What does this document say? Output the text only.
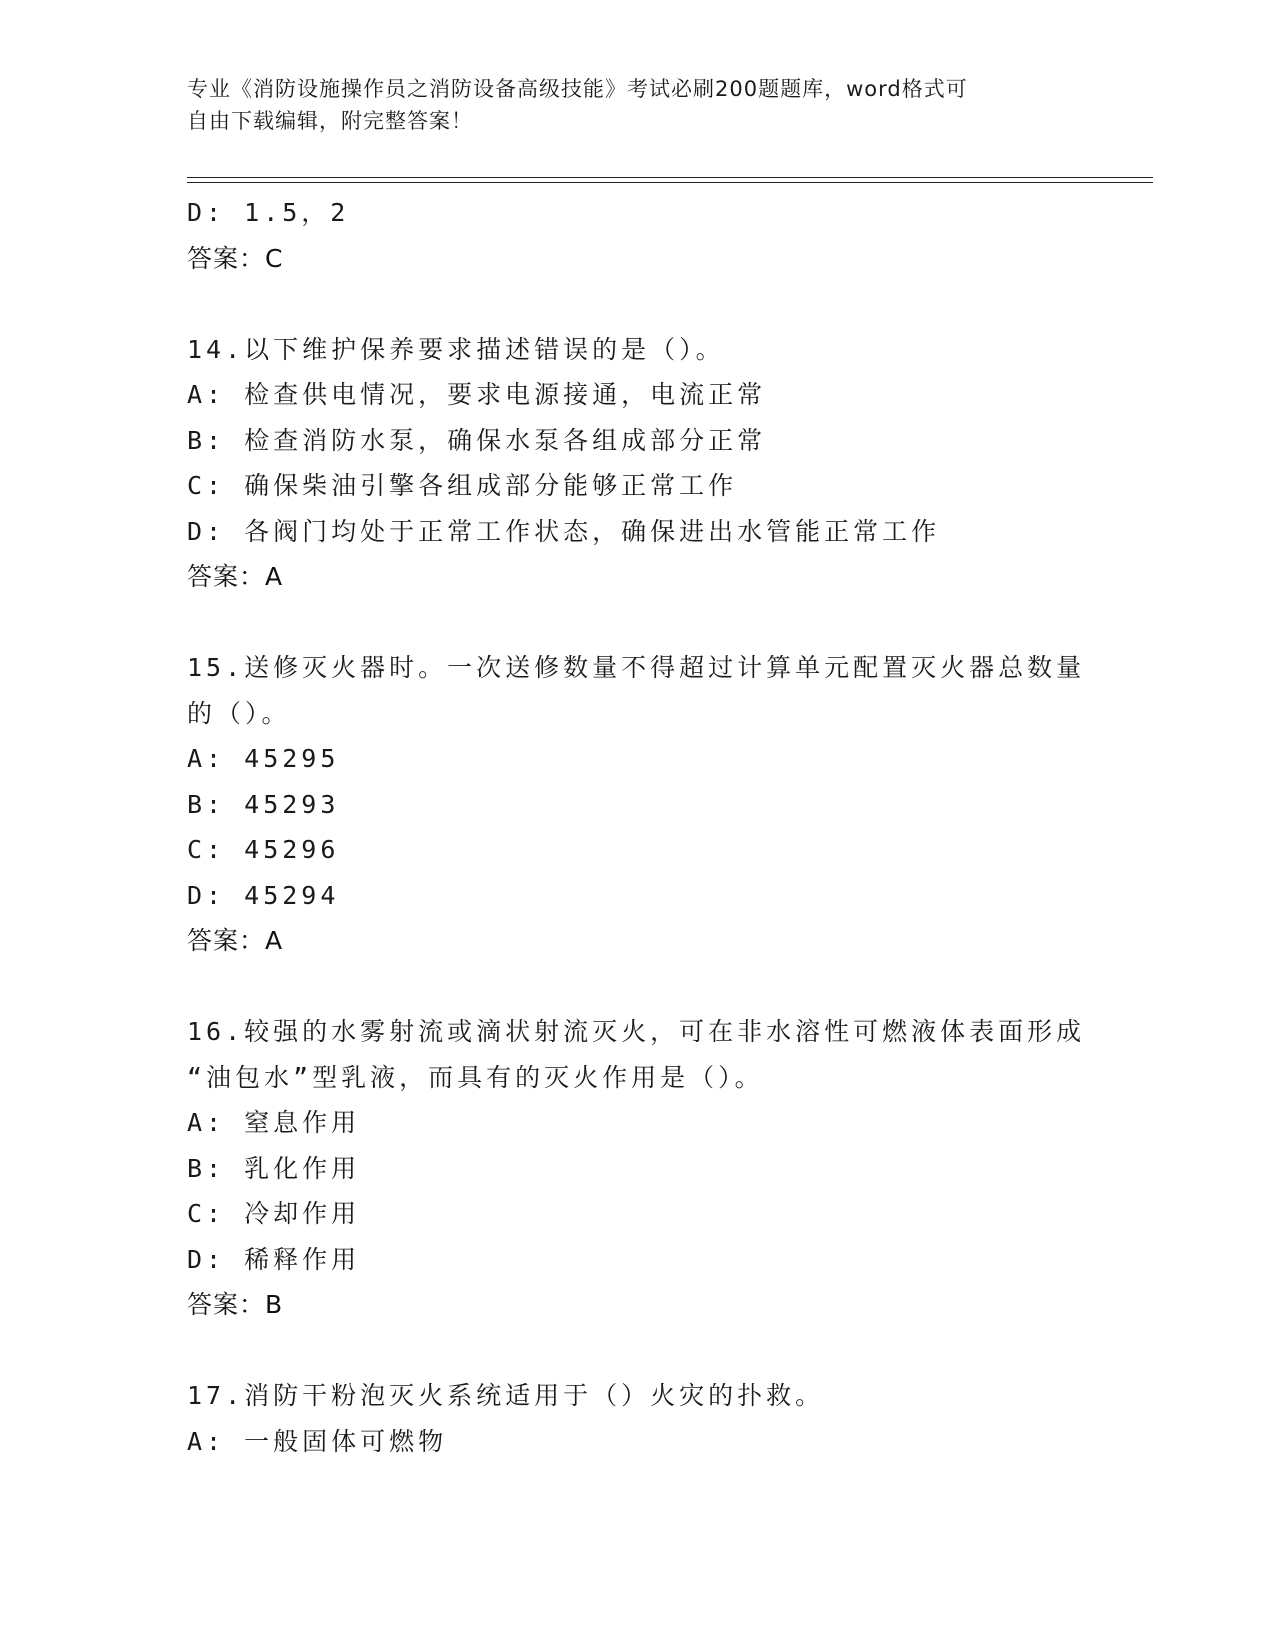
专业《消防设施操作员之消防设备高级技能》考试必刷200题题库，word格式可
自由下载编辑，附完整答案！
D: 1.5，2
答案：C
14.以下维护保养要求描述错误的是（）。
A: 检查供电情况，要求电源接通，电流正常
B: 检查消防水泵，确保水泵各组成部分正常
C: 确保柴油引擎各组成部分能够正常工作
D: 各阀门均处于正常工作状态，确保进出水管能正常工作
答案：A
15.送修灭火器时。一次送修数量不得超过计算单元配置灭火器总数量
的（）。
A: 45295
B: 45293
C: 45296
D: 45294
答案：A
16.较强的水雾射流或滴状射流灭火，可在非水溶性可燃液体表面形成
“油包水”型乳液，而具有的灭火作用是（）。
A: 窒息作用
B: 乳化作用
C: 冷却作用
D: 稀释作用
答案：B
17.消防干粉泡灭火系统适用于（）火灾的扑救。
A: 一般固体可燃物
